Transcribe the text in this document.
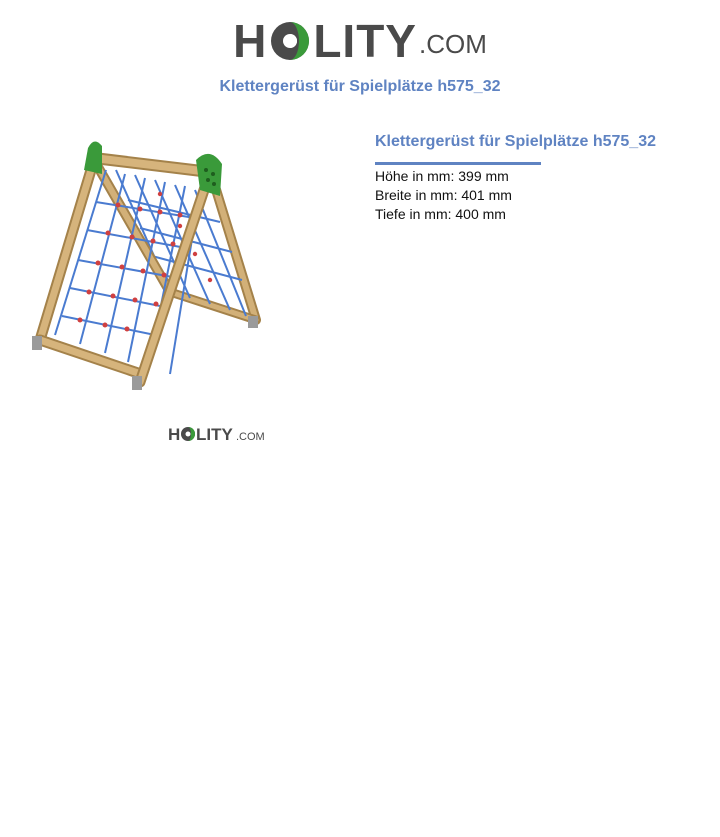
H LITY .COM
Klettergerüst für Spielplätze h575_32
H LITY .COM
Klettergerüst für Spielplätze h575_32
Höhe in mm: 399 mm
Breite in mm: 401 mm
Tiefe in mm: 400 mm
